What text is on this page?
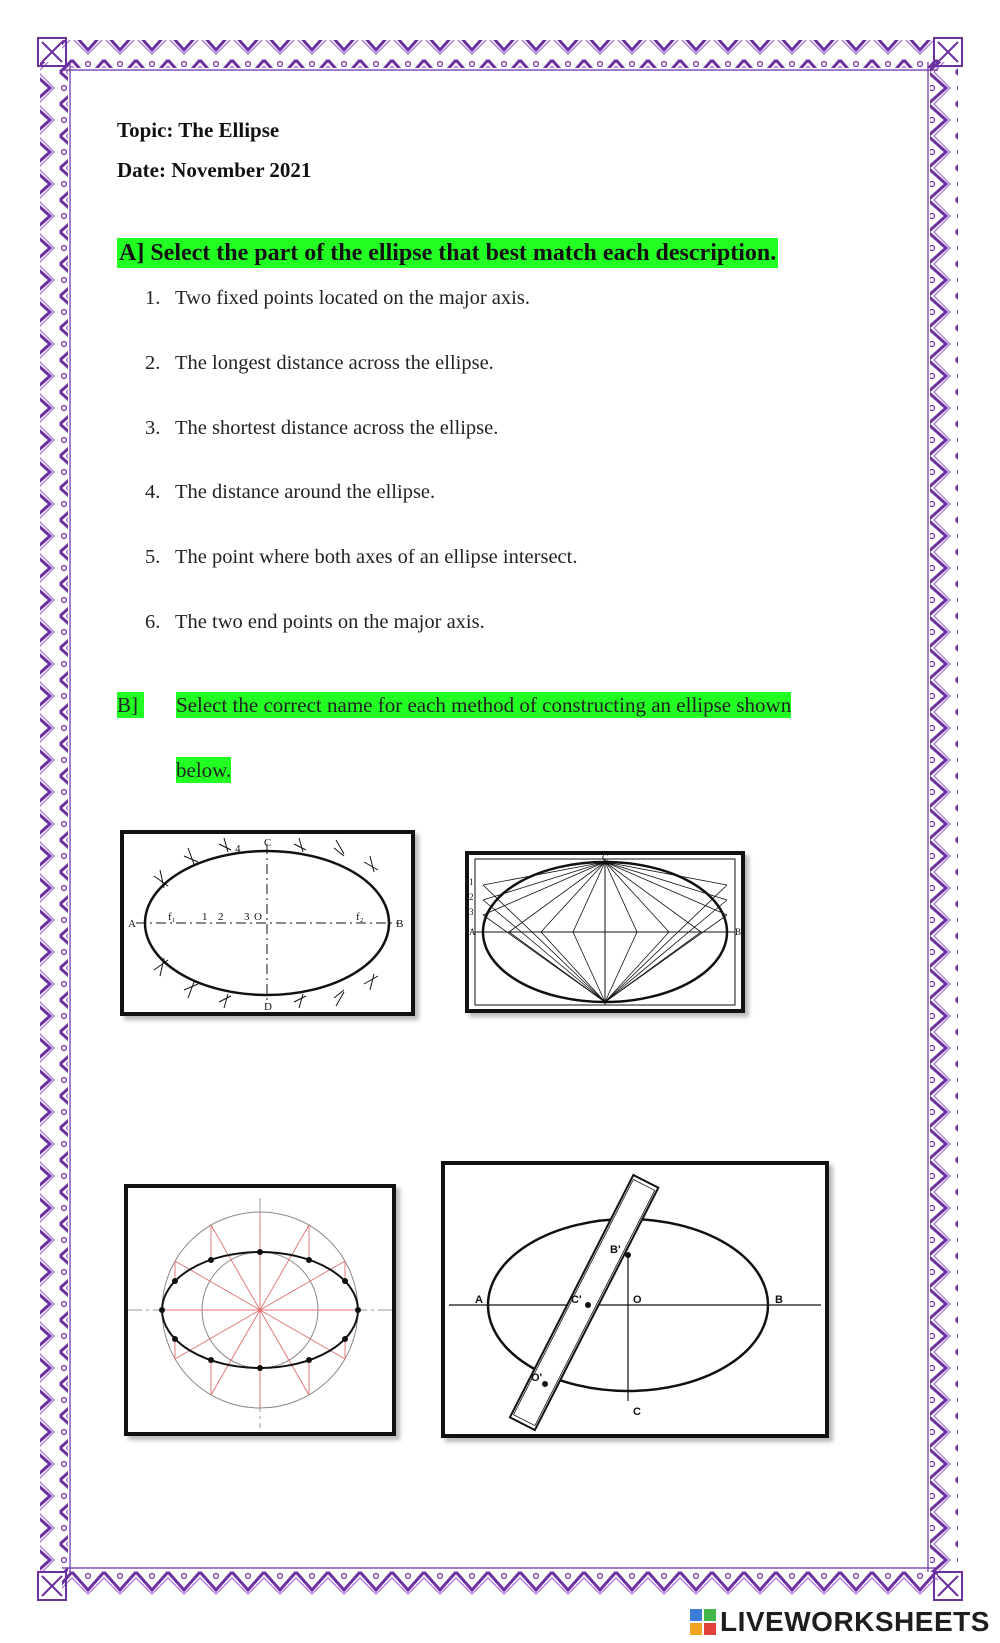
Topic: The Ellipse
Date: November 2021
A] Select the part of the ellipse that best match each description.
1. Two fixed points located on the major axis.
2. The longest distance across the ellipse.
3. The shortest distance across the ellipse.
4. The distance around the ellipse.
5. The point where both axes of an ellipse intersect.
6. The two end points on the major axis.
B] Select the correct name for each method of constructing an ellipse shown
below.
A	B
C
D
O
f₁	f₂
1 2 3
4
C
A	B
1
2
3
A	B
O
C
B'
C'
O'
LIVEWORKSHEETS
